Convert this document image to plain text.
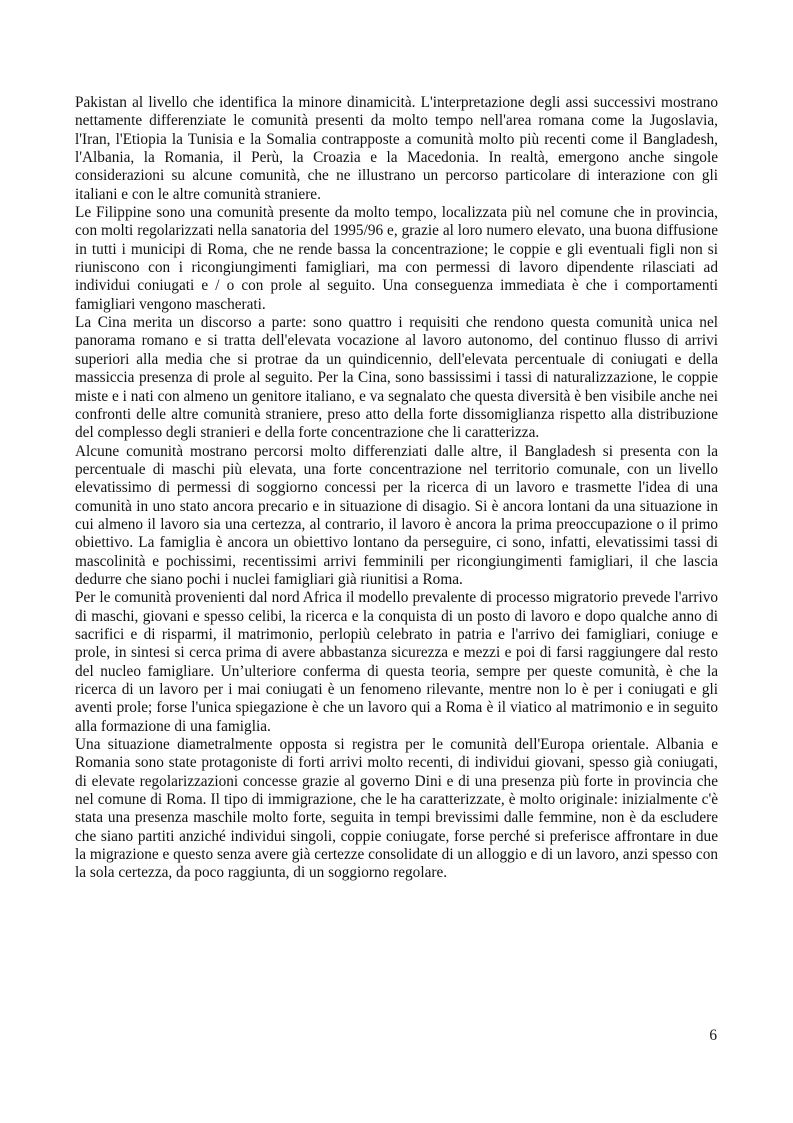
Pakistan al livello che identifica la minore dinamicità. L'interpretazione degli assi successivi mostrano nettamente differenziate le comunità presenti da molto tempo nell'area romana come la Jugoslavia, l'Iran, l'Etiopia la Tunisia e la Somalia contrapposte a comunità molto più recenti come il Bangladesh, l'Albania, la Romania, il Perù, la Croazia e la Macedonia. In realtà, emergono anche singole considerazioni su alcune comunità, che ne illustrano un percorso particolare di interazione con gli italiani e con le altre comunità straniere.

Le Filippine sono una comunità presente da molto tempo, localizzata più nel comune che in provincia, con molti regolarizzati nella sanatoria del 1995/96 e, grazie al loro numero elevato, una buona diffusione in tutti i municipi di Roma, che ne rende bassa la concentrazione; le coppie e gli eventuali figli non si riuniscono con i ricongiungimenti famigliari, ma con permessi di lavoro dipendente rilasciati ad individui coniugati e / o con prole al seguito. Una conseguenza immediata è che i comportamenti famigliari vengono mascherati.

La Cina merita un discorso a parte: sono quattro i requisiti che rendono questa comunità unica nel panorama romano e si tratta dell'elevata vocazione al lavoro autonomo, del continuo flusso di arrivi superiori alla media che si protrae da un quindicennio, dell'elevata percentuale di coniugati e della massiccia presenza di prole al seguito. Per la Cina, sono bassissimi i tassi di naturalizzazione, le coppie miste e i nati con almeno un genitore italiano, e va segnalato che questa diversità è ben visibile anche nei confronti delle altre comunità straniere, preso atto della forte dissomiglianza rispetto alla distribuzione del complesso degli stranieri e della forte concentrazione che li caratterizza.

Alcune comunità mostrano percorsi molto differenziati dalle altre, il Bangladesh si presenta con la percentuale di maschi più elevata, una forte concentrazione nel territorio comunale, con un livello elevatissimo di permessi di soggiorno concessi per la ricerca di un lavoro e trasmette l'idea di una comunità in uno stato ancora precario e in situazione di disagio. Si è ancora lontani da una situazione in cui almeno il lavoro sia una certezza, al contrario, il lavoro è ancora la prima preoccupazione o il primo obiettivo. La famiglia è ancora un obiettivo lontano da perseguire, ci sono, infatti, elevatissimi tassi di mascolinità e pochissimi, recentissimi arrivi femminili per ricongiungimenti famigliari, il che lascia dedurre che siano pochi i nuclei famigliari già riunitisi a Roma.

Per le comunità provenienti dal nord Africa il modello prevalente di processo migratorio prevede l'arrivo di maschi, giovani e spesso celibi, la ricerca e la conquista di un posto di lavoro e dopo qualche anno di sacrifici e di risparmi, il matrimonio, perlopiù celebrato in patria e l'arrivo dei famigliari, coniuge e prole, in sintesi si cerca prima di avere abbastanza sicurezza e mezzi e poi di farsi raggiungere dal resto del nucleo famigliare. Un’ulteriore conferma di questa teoria, sempre per queste comunità, è che la ricerca di un lavoro per i mai coniugati è un fenomeno rilevante, mentre non lo è per i coniugati e gli aventi prole; forse l'unica spiegazione è che un lavoro qui a Roma è il viatico al matrimonio e in seguito alla formazione di una famiglia.

Una situazione diametralmente opposta si registra per le comunità dell'Europa orientale. Albania e Romania sono state protagoniste di forti arrivi molto recenti, di individui giovani, spesso già coniugati, di elevate regolarizzazioni concesse grazie al governo Dini e di una presenza più forte in provincia che nel comune di Roma. Il tipo di immigrazione, che le ha caratterizzate, è molto originale: inizialmente c'è stata una presenza maschile molto forte, seguita in tempi brevissimi dalle femmine, non è da escludere che siano partiti anziché individui singoli, coppie coniugate, forse perché si preferisce affrontare in due la migrazione e questo senza avere già certezze consolidate di un alloggio e di un lavoro, anzi spesso con la sola certezza, da poco raggiunta, di un soggiorno regolare.

6
